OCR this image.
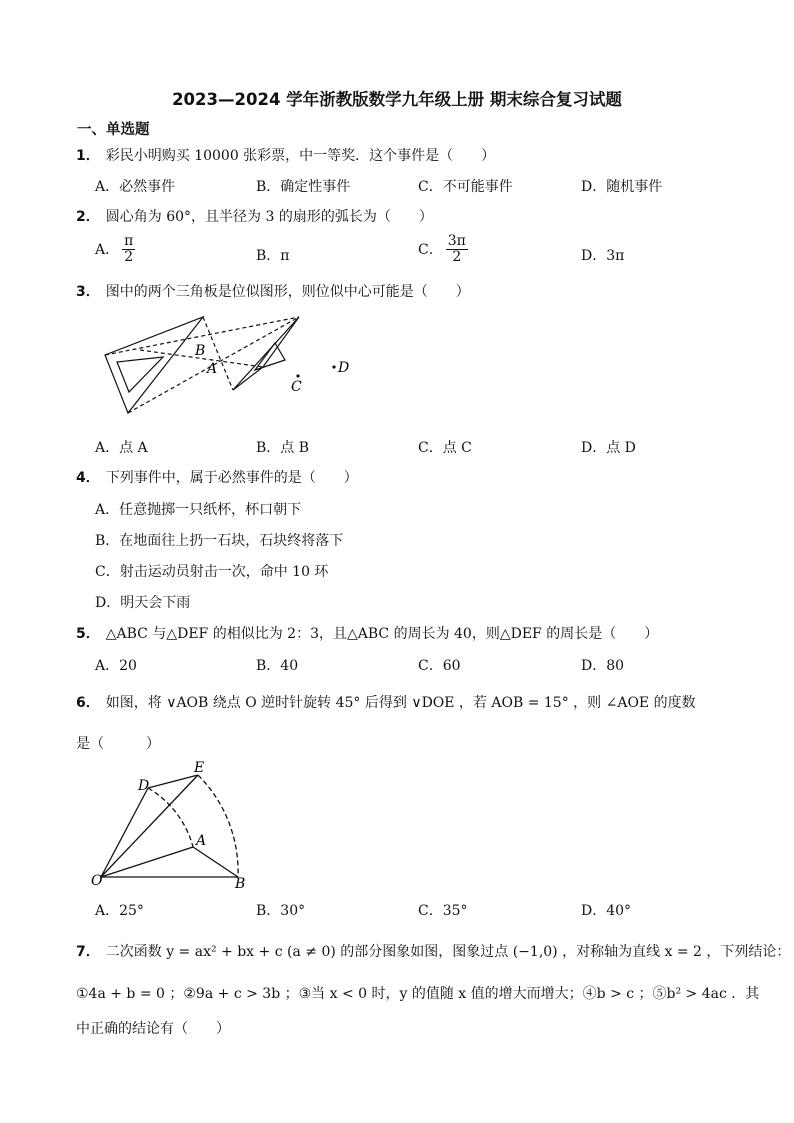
2023—2024 学年浙教版数学九年级上册 期末综合复习试题
一、单选题
1． 彩民小明购买 10000 张彩票，中一等奖．这个事件是（　　）
A．必然事件	B．确定性事件	C．不可能事件	D．随机事件
2． 圆心角为 60°，且半径为 3 的扇形的弧长为（　　）
A． $\frac{\pi}{2}$	B．π	C． $\frac{3\pi}{2}$	D．3π
3． 图中的两个三角板是位似图形，则位似中心可能是（　　）
B
A
C
D
A．点 A	B．点 B	C．点 C	D．点 D
4． 下列事件中，属于必然事件的是（　　）
A．任意抛掷一只纸杯，杯口朝下
B．在地面往上扔一石块，石块终将落下
C．射击运动员射击一次，命中 10 环
D．明天会下雨
5． △ABC 与△DEF 的相似比为 2：3，且△ABC 的周长为 40，则△DEF 的周长是（　　）
A．20	B．40	C．60	D．80
6． 如图，将 ∨AOB 绕点 O 逆时针旋转 45° 后得到 ∨DOE ，若 AOB = 15° ，则 ∠AOE 的度数
是（　　　）
O	B
A
D
E
A．25°	B．30°	C．35°	D．40°
7． 二次函数 y = ax² + bx + c (a ≠ 0) 的部分图象如图，图象过点 (−1,0) ，对称轴为直线 x = 2 ，下列结论：
①4a + b = 0 ；②9a + c > 3b ；③当 x < 0 时，y 的值随 x 值的增大而增大；④b > c ；⑤b² > 4ac ．其
中正确的结论有（　　）
